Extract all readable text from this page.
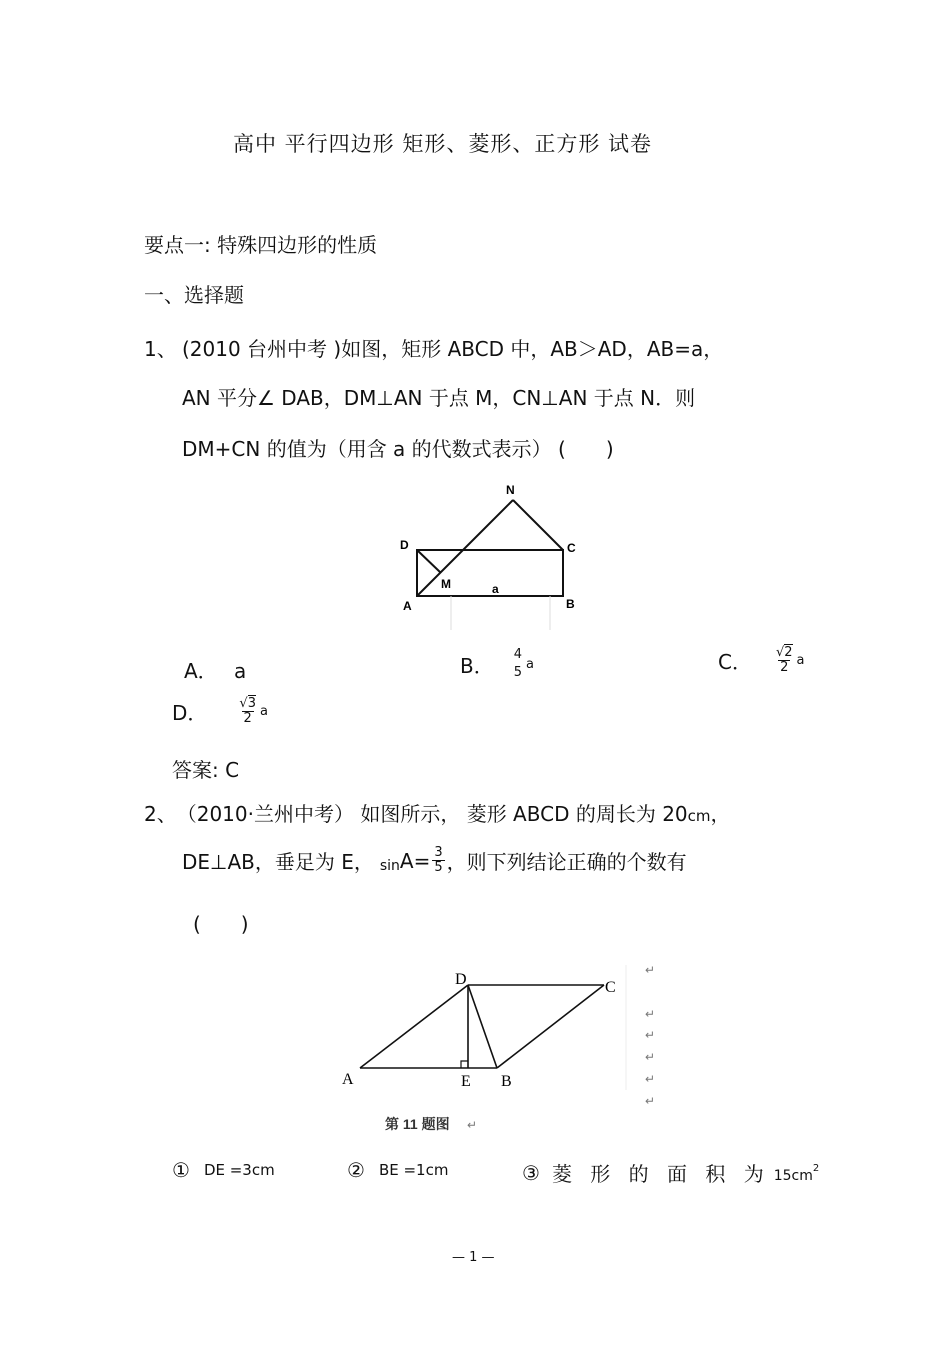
高中 平行四边形 矩形、菱形、正方形 试卷
要点一: 特殊四边形的性质
一、选择题
1、 (2010 台州中考 )如图，矩形 ABCD 中，AB＞AD，AB=a，
AN 平分∠ DAB，DM⊥AN 于点 M，CN⊥AN 于点 N．则
DM+CN 的值为（用含 a 的代数式表示） (　　)
N
D	C
M	a
A	B
A． a	B． 4
5
a	C． $\frac{√2}{2}$ a
D． $\frac{√3}{2}$ a
答案: C
2、 （2010·兰州中考） 如图所示， 菱形 ABCD 的周长为 20 cm ，
DE⊥AB，垂足为 E， $\sin A= \frac{3}{5}$ ，则下列结论正确的个数有
(　　)
D	C
A	E B
第 11 题图 ↵
↵
↵
↵
↵
↵
↵
① DE =3cm	② BE =1cm	③ 菱 形 的 面 积 为 15cm 2
— 1 —
